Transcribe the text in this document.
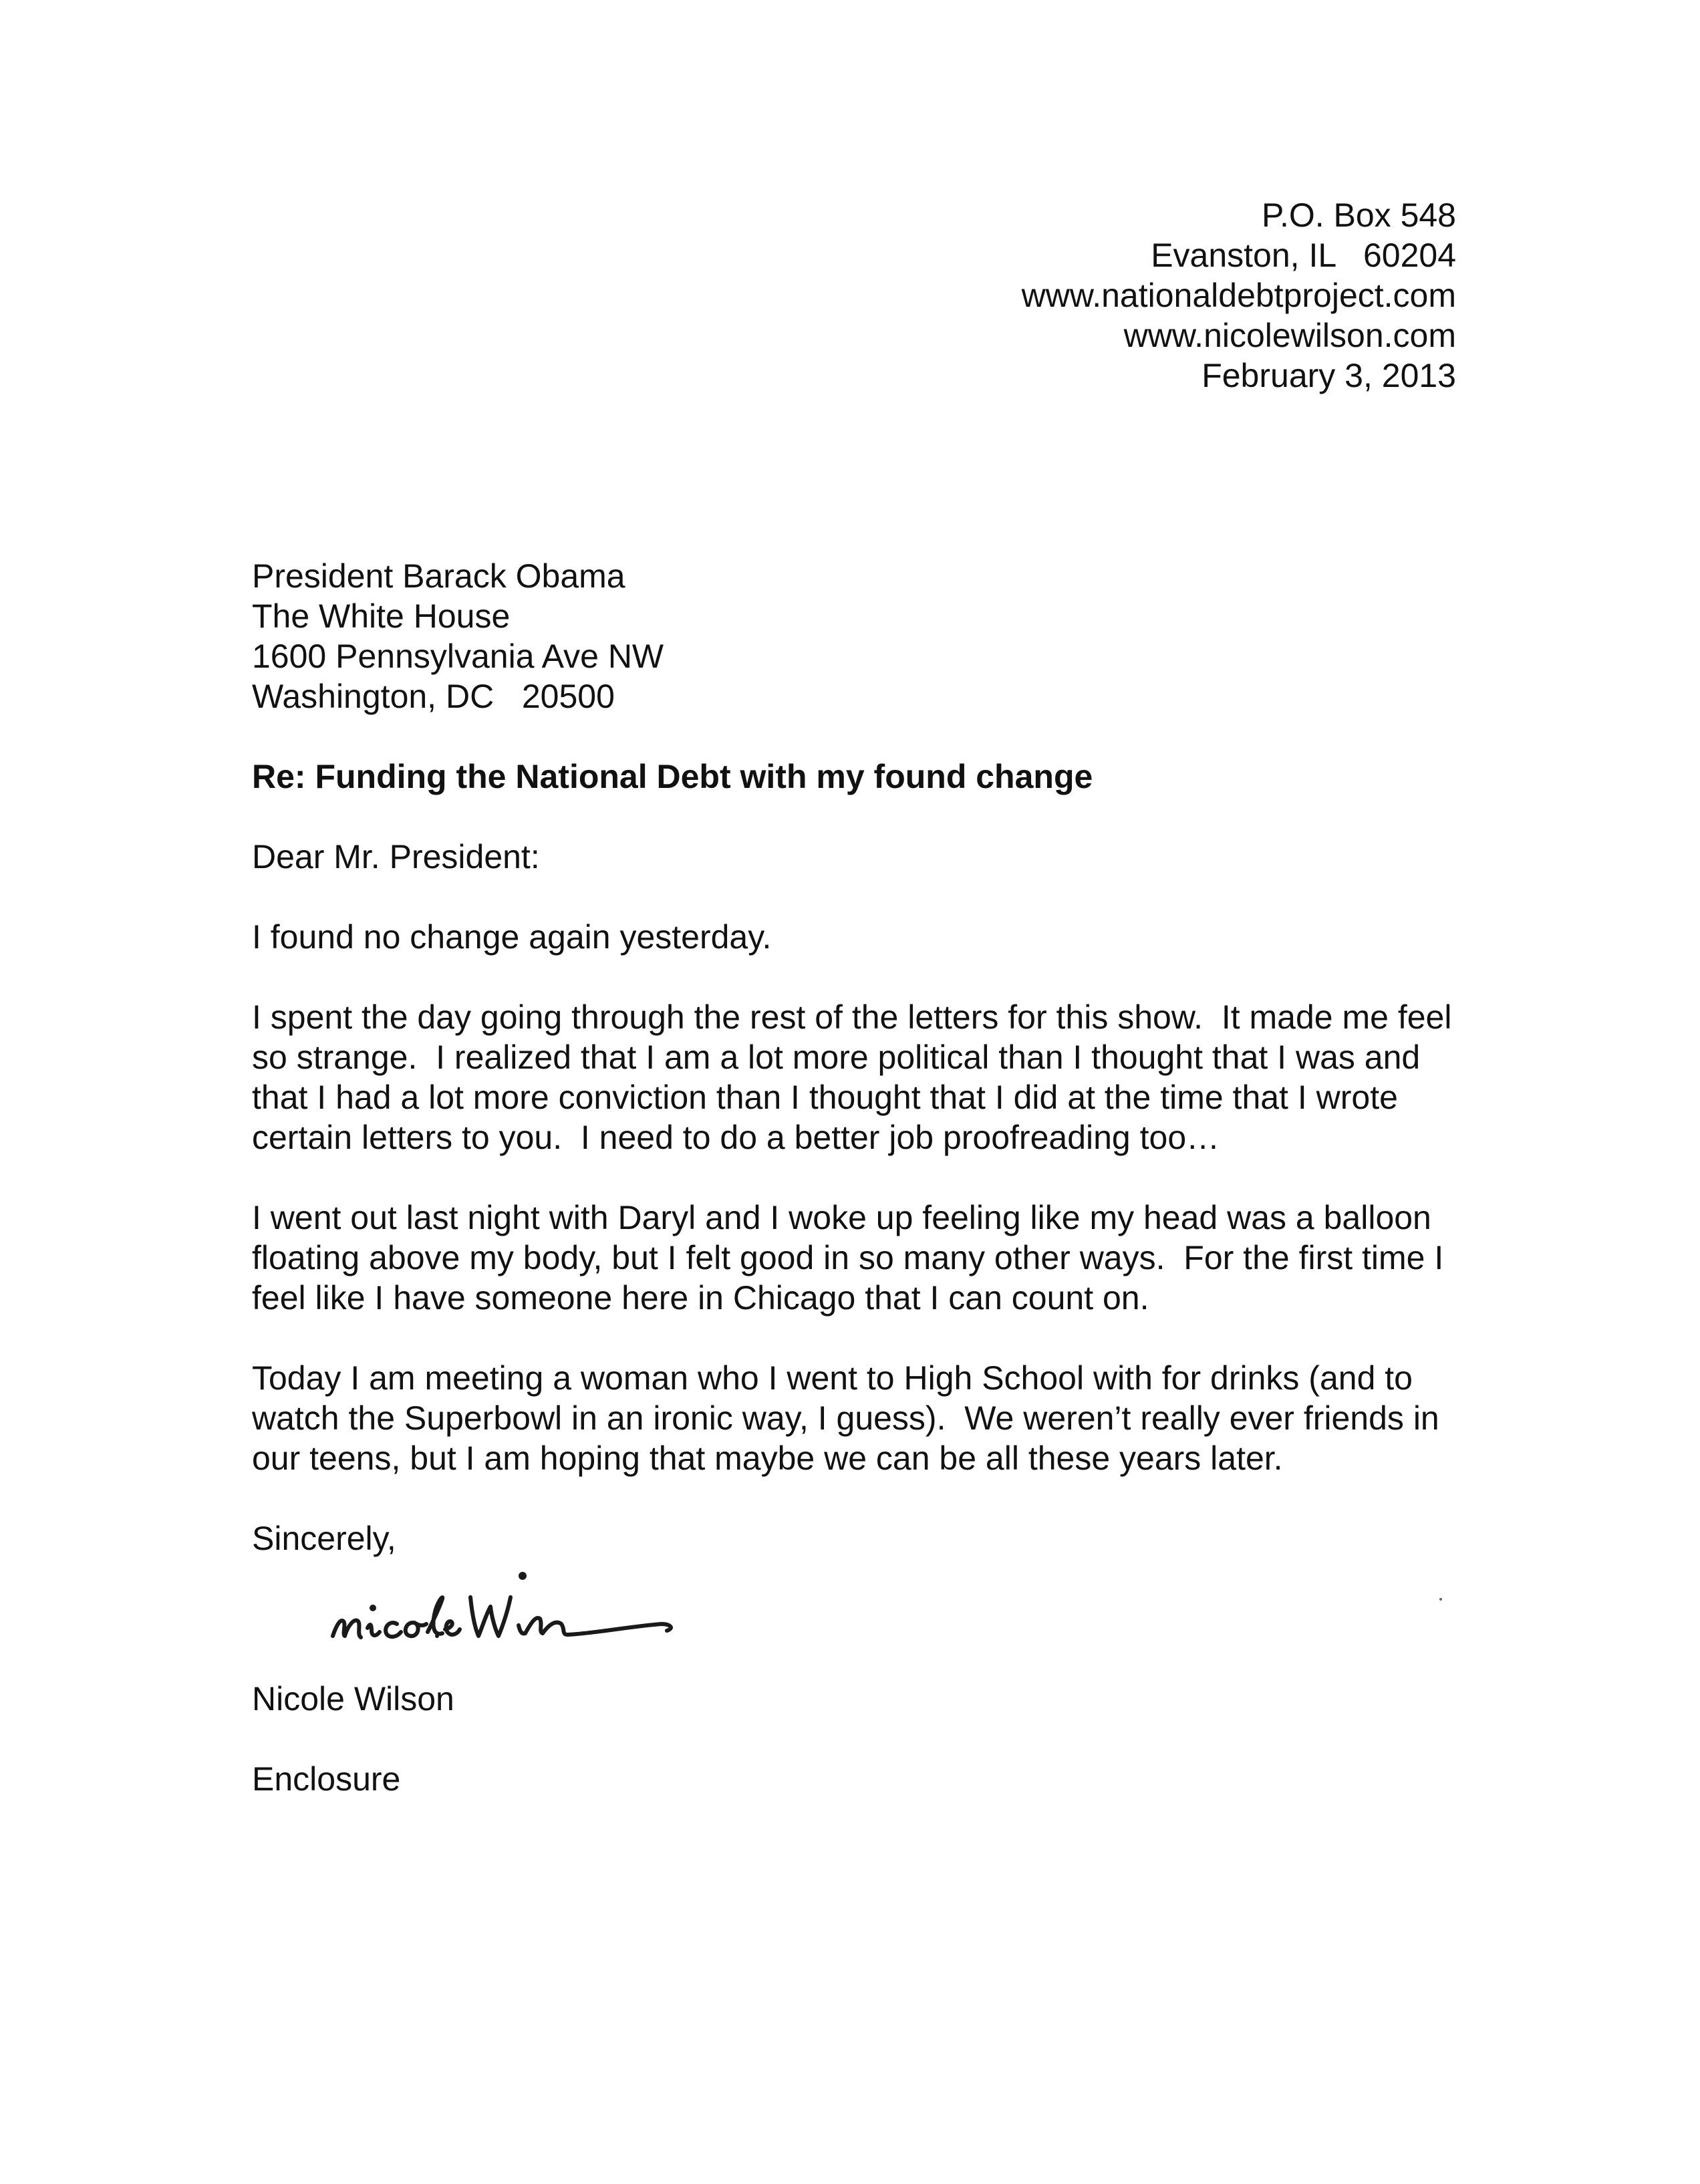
P.O. Box 548
Evanston, IL   60204
www.nationaldebtproject.com
www.nicolewilson.com
February 3, 2013
President Barack Obama
The White House
1600 Pennsylvania Ave NW
Washington, DC   20500
Re: Funding the National Debt with my found change
Dear Mr. President:
I found no change again yesterday.
I spent the day going through the rest of the letters for this show.  It made me feel
so strange.  I realized that I am a lot more political than I thought that I was and
that I had a lot more conviction than I thought that I did at the time that I wrote
certain letters to you.  I need to do a better job proofreading too…
I went out last night with Daryl and I woke up feeling like my head was a balloon
floating above my body, but I felt good in so many other ways.  For the first time I
feel like I have someone here in Chicago that I can count on.
Today I am meeting a woman who I went to High School with for drinks (and to
watch the Superbowl in an ironic way, I guess).  We weren’t really ever friends in
our teens, but I am hoping that maybe we can be all these years later.
Sincerely,
Nicole Wilson
Enclosure
